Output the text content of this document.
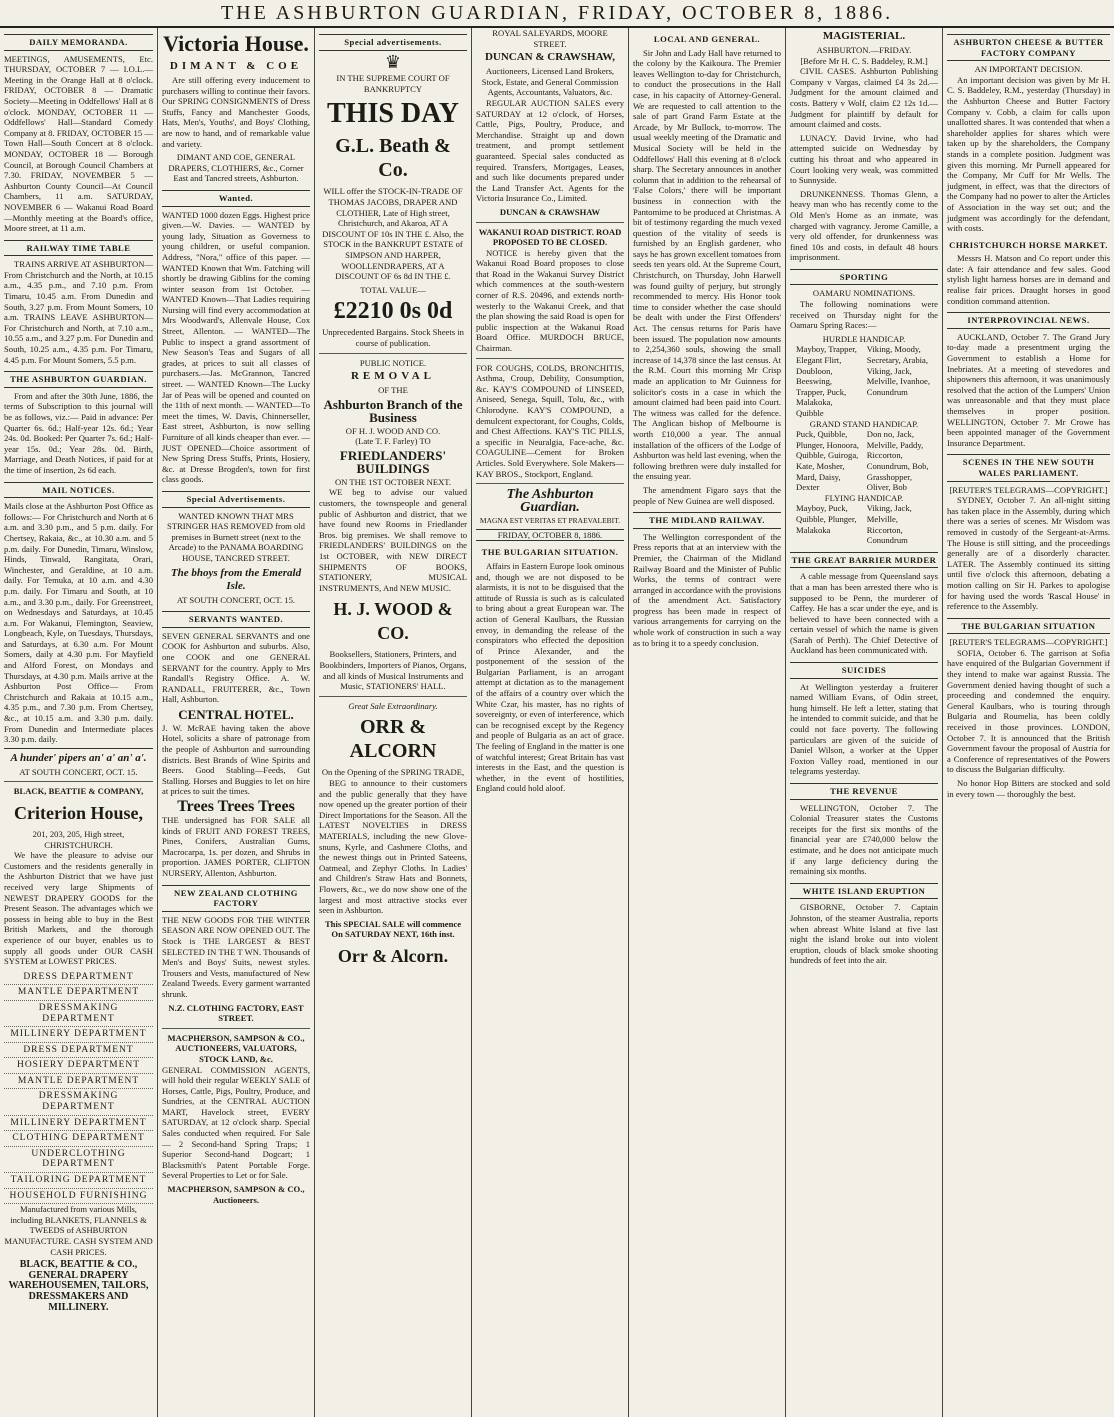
THE ASHBURTON GUARDIAN, FRIDAY, OCTOBER 8, 1886.
DAILY MEMORANDA.

MEETINGS, AMUSEMENTS, Etc. THURSDAY, OCTOBER 7 — I.O.L.—Meeting in the Orange Hall at 8 o'clock. FRIDAY, OCTOBER 8 — Dramatic Society—Meeting in Oddfellows' Hall at 8 o'clock. MONDAY, OCTOBER 11 — Oddfellows' Hall—Standard Comedy Company at 8. FRIDAY, OCTOBER 15 — Town Hall—South Concert at 8 o'clock. MONDAY, OCTOBER 18 — Borough Council, at Borough Council Chambers at 7.30. FRIDAY, NOVEMBER 5 — Ashburton County Council—At Council Chambers, 11 a.m. SATURDAY, NOVEMBER 6 — Wakanui Road Board—Monthly meeting at the Board's office, Moore street, at 11 a.m.

RAILWAY TIME TABLE

TRAINS ARRIVE AT ASHBURTON—From Christchurch and the North, at 10.15 a.m., 4.35 p.m., and 7.10 p.m. From Timaru, 10.45 a.m. From Dunedin and South, 3.27 p.m. From Mount Somers, 10 a.m. TRAINS LEAVE ASHBURTON—For Christchurch and North, at 7.10 a.m., 10.55 a.m., and 3.27 p.m. For Dunedin and South, 10.25 a.m., 4.35 p.m. For Timaru, 4.45 p.m. For Mount Somers, 5.5 p.m.

THE ASHBURTON GUARDIAN.

From and after the 30th June, 1886, the terms of Subscription to this journal will be as follows, viz.:— Paid in advance: Per Quarter 6s. 6d.; Half-year 12s. 6d.; Year 24s. 0d. Booked: Per Quarter 7s. 6d.; Half-year 15s. 0d.; Year 28s. 0d. Birth, Marriage, and Death Notices, if paid for at the time of insertion, 2s 6d each.

MAIL NOTICES.

Mails close at the Ashburton Post Office as follows:— For Christchurch and North at 6 a.m. and 3.30 p.m., and 5 p.m. daily. For Chertsey, Rakaia, &c., at 10.30 a.m. and 5 p.m. daily. For Dunedin, Timaru, Winslow, Hinds, Tinwald, Rangitata, Orari, Winchester, and Geraldine, at 10 a.m. daily. For Temuka, at 10 a.m. and 4.30 p.m. daily. For Timaru and South, at 10 a.m., and 3.30 p.m., daily. For Greenstreet, on Wednesdays and Saturdays, at 10.45 a.m. For Wakanui, Flemington, Seaview, Longbeach, Kyle, on Tuesdays, Thursdays, and Saturdays, at 6.30 a.m. For Mount Somers, daily at 4.30 p.m. For Mayfield and Alford Forest, on Mondays and Thursdays, at 4.30 p.m. Mails arrive at the Ashburton Post Office— From Christchurch and Rakaia at 10.15 a.m., 4.35 p.m., and 7.30 p.m. From Chertsey, &c., at 10.15 a.m. and 3.30 p.m. daily. From Dunedin and Intermediate places 3.30 p.m. daily.

A hunder' pipers an' a' an' a'.
AT SOUTH CONCERT, OCT. 15.
BLACK, BEATTIE & COMPANY,
Criterion House,
201, 203, 205, High street, CHRISTCHURCH.

We have the pleasure to advise our Customers and the residents generally in the Ashburton District that we have just received very large Shipments of NEWEST DRAPERY GOODS for the Present Season. The advantages which we possess in being able to buy in the Best British Markets, and the thorough experience of our buyer, enables us to supply all goods under OUR CASH SYSTEM at LOWEST PRICES.

DRESS DEPARTMENT
MANTLE DEPARTMENT
DRESSMAKING DEPARTMENT
MILLINERY DEPARTMENT
DRESS DEPARTMENT
HOSIERY DEPARTMENT
MANTLE DEPARTMENT
DRESSMAKING DEPARTMENT
MILLINERY DEPARTMENT
CLOTHING DEPARTMENT
UNDERCLOTHING DEPARTMENT
TAILORING DEPARTMENT
HOUSEHOLD FURNISHING

Manufactured from various Mills, including BLANKETS, FLANNELS & TWEEDS of ASHBURTON MANUFACTURE. CASH SYSTEM AND CASH PRICES.

BLACK, BEATTIE & CO., GENERAL DRAPERY WAREHOUSEMEN, TAILORS, DRESSMAKERS AND MILLINERY.
Victoria House.
DIMANT & COE

Are still offering every inducement to purchasers willing to continue their favors. Our SPRING CONSIGNMENTS of Dress Stuffs, Fancy and Manchester Goods, Hats, Men's, Youths', and Boys' Clothing, are now to hand, and of remarkable value and variety.

DIMANT AND COE, GENERAL DRAPERS, CLOTHIERS, &c., Corner East and Tancred streets, Ashburton.

Wanted.

WANTED 1000 dozen Eggs. Highest price given.—W. Davies. — WANTED by young lady, Situation as Governess to young children, or useful companion. Address, "Nora," office of this paper. — WANTED Known that Wm. Fatching will shortly be drawing Giblins for the coming winter season from 1st October. — WANTED Known—That Ladies requiring Nursing will find every accommodation at Mrs Woodward's, Allenvale House, Cox Street, Allenton. — WANTED—The Public to inspect a grand assortment of New Season's Teas and Sugars of all grades, at prices to suit all classes of purchasers.—Jas. McGrannon, Tancred street. — WANTED Known—The Lucky Jar of Peas will be opened and counted on the 11th of next month. — WANTED—To meet the times, W. Davis, Chinnerseller, East street, Ashburton, is now selling Furniture of all kinds cheaper than ever. — JUST OPENED—Choice assortment of New Spring Dress Stuffs, Prints, Hosiery, &c. at Dresse Brogden's, town for first class goods.

Special Advertisements.

WANTED KNOWN THAT MRS STRINGER HAS REMOVED from old premises in Burnett street (next to the Arcade) to the PANAMA BOARDING HOUSE, TANCRED STREET.

The bhoys from the Emerald Isle.
AT SOUTH CONCERT, OCT. 15.
SERVANTS WANTED.

SEVEN GENERAL SERVANTS and one COOK for Ashburton and suburbs. Also, one COOK and one GENERAL SERVANT for the country. Apply to Mrs Randall's Registry Office. A. W. RANDALL, FRUITERER, &c., Town Hall, Ashburton.

CENTRAL HOTEL.

J. W. McRAE having taken the above Hotel, solicits a share of patronage from the people of Ashburton and surrounding districts. Best Brands of Wine Spirits and Beers. Good Stabling—Feeds, Gut Stalling. Horses and Buggies to let on hire at prices to suit the times.

Trees Trees Trees

THE undersigned has FOR SALE all kinds of FRUIT AND FOREST TREES, Pines, Conifers, Australian Gums, Macrocarpa, 1s. per dozen, and Shrubs in proportion. JAMES PORTER, CLIFTON NURSERY, Allenton, Ashburton.

NEW ZEALAND CLOTHING FACTORY

THE NEW GOODS FOR THE WINTER SEASON ARE NOW OPENED OUT. The Stock is THE LARGEST & BEST SELECTED IN THE T WN. Thousands of Men's and Boys' Suits, newest styles. Trousers and Vests, manufactured of New Zealand Tweeds. Every garment warranted shrunk.

N.Z. CLOTHING FACTORY, EAST STREET.
MACPHERSON, SAMPSON & CO., AUCTIONEERS, VALUATORS, STOCK LAND, &c.

GENERAL COMMISSION AGENTS, will hold their regular WEEKLY SALE of Horses, Cattle, Pigs, Poultry, Produce, and Sundries, at the CENTRAL AUCTION MART, Havelock street, EVERY SATURDAY, at 12 o'clock sharp. Special Sales conducted when required. For Sale — 2 Second-hand Spring Traps; 1 Superior Second-hand Dogcart; 1 Blacksmith's Patent Portable Forge. Several Properties to Let or for Sale.

MACPHERSON, SAMPSON & CO., Auctioneers.
Special advertisements.
♛
IN THE SUPREME COURT OF BANKRUPTCY
THIS DAY
G.L. Beath & Co.

WILL offer the STOCK-IN-TRADE OF THOMAS JACOBS, DRAPER AND CLOTHIER, Late of High street, Christchurch, and Akaroa, AT A DISCOUNT OF 10s IN THE £. Also, the STOCK in the BANKRUPT ESTATE of SIMPSON AND HARPER, WOOLLENDRAPERS, AT A DISCOUNT OF 6s 8d IN THE £.

TOTAL VALUE—
£2210 0s 0d

Unprecedented Bargains. Stock Sheets in course of publication.

PUBLIC NOTICE.
REMOVAL
OF THE
Ashburton Branch of the Business
OF H. J. WOOD AND CO.
(Late T. F. Farley) TO
FRIEDLANDERS' BUILDINGS
ON THE 1ST OCTOBER NEXT.

WE beg to advise our valued customers, the townspeople and general public of Ashburton and district, that we have found new Rooms in Friedlander Bros. big premises. We shall remove to FRIEDLANDERS' BUILDINGS on the 1st OCTOBER, with NEW DIRECT SHIPMENTS OF BOOKS, STATIONERY, MUSICAL INSTRUMENTS, And NEW MUSIC.

H. J. WOOD & CO.

Booksellers, Stationers, Printers, and Bookbinders, Importers of Pianos, Organs, and all kinds of Musical Instruments and Music, STATIONERS' HALL.

Great Sale Extraordinary.
ORR & ALCORN
On the Opening of the SPRING TRADE,

BEG to announce to their customers and the public generally that they have now opened up the greater portion of their Direct Importations for the Season. All the LATEST NOVELTIES in DRESS MATERIALS, including the new Glove-snuns, Kyrle, and Cashmere Cloths, and the newest things out in Printed Sateens, Oatmeal, and Zephyr Cloths. In Ladies' and Children's Straw Hats and Bonnets, Flowers, &c., we do now show one of the largest and most attractive stocks ever seen in Ashburton.

This SPECIAL SALE will commence On SATURDAY NEXT, 16th inst.

Orr & Alcorn.
ROYAL SALEYARDS, MOORE STREET.
DUNCAN & CRAWSHAW,
Auctioneers, Licensed Land Brokers, Stock, Estate, and General Commission Agents, Accountants, Valuators, &c.

REGULAR AUCTION SALES every SATURDAY at 12 o'clock, of Horses, Cattle, Pigs, Poultry, Produce, and Merchandise. Straight up and down treatment, and prompt settlement guaranteed. Special sales conducted as required. Transfers, Mortgages, Leases, and such like documents prepared under the Land Transfer Act. Agents for the Victoria Insurance Co., Limited.

DUNCAN & CRAWSHAW
WAKANUI ROAD DISTRICT. ROAD PROPOSED TO BE CLOSED.

NOTICE is hereby given that the Wakanui Road Board proposes to close that Road in the Wakanui Survey District which commences at the south-western corner of R.S. 20496, and extends north-westerly to the Wakanui Creek, and that the plan showing the said Road is open for public inspection at the Wakanui Road Board Office. MURDOCH BRUCE, Chairman.

FOR COUGHS, COLDS, BRONCHITIS, Asthma, Croup, Debility, Consumption, &c. KAY'S COMPOUND of LINSEED, Aniseed, Senega, Squill, Tolu, &c., with Chlorodyne. KAY'S COMPOUND, a demulcent expectorant, for Coughs, Colds, and Chest Affections. KAY'S TIC PILLS, a specific in Neuralgia, Face-ache, &c. COAGULINE—Cement for Broken Articles. Sold Everywhere. Sole Makers—KAY BROS., Stockport, England.

The Ashburton Guardian.
MAGNA EST VERITAS ET PRAEVALEBIT.
FRIDAY, OCTOBER 8, 1886.
THE BULGARIAN SITUATION.

Affairs in Eastern Europe look ominous and, though we are not disposed to be alarmists, it is not to be disguised that the attitude of Russia is such as is calculated to bring about a great European war. The action of General Kaulbars, the Russian envoy, in demanding the release of the conspirators who effected the deposition of Prince Alexander, and the postponement of the session of the Bulgarian Parliament, is an arrogant attempt at dictation as to the management of the affairs of a country over which the White Czar, his master, has no rights of sovereignty, or even of interference, which can be recognised except by the Regency and people of Bulgaria as an act of grace. The feeling of England in the matter is one of watchful interest; Great Britain has vast interests in the East, and the question is whether, in the event of hostilities, England could hold aloof.

LOCAL AND GENERAL.

Sir John and Lady Hall have returned to the colony by the Kaikoura. The Premier leaves Wellington to-day for Christchurch, to conduct the prosecutions in the Hall case, in his capacity of Attorney-General. We are requested to call attention to the sale of part Grand Farm Estate at the Arcade, by Mr Bullock, to-morrow. The usual weekly meeting of the Dramatic and Musical Society will be held in the Oddfellows' Hall this evening at 8 o'clock sharp. The Secretary announces in another column that in addition to the rehearsal of 'False Colors,' there will be important business in connection with the Pantomime to be produced at Christmas. A bit of testimony regarding the much vexed question of the vitality of seeds is furnished by an English gardener, who says he has grown excellent tomatoes from seeds ten years old. At the Supreme Court, Christchurch, on Thursday, John Harwell was found guilty of perjury, but strongly recommended to mercy. His Honor took time to consider whether the case should be dealt with under the First Offenders' Act. The census returns for Paris have been issued. The population now amounts to 2,254,360 souls, showing the small increase of 14,378 since the last census. At the R.M. Court this morning Mr Crisp made an application to Mr Guinness for solicitor's costs in a case in which the amount claimed had been paid into Court. The witness was called for the defence. The Anglican bishop of Melbourne is worth £10,000 a year. The annual installation of the officers of the Lodge of Ashburton was held last evening, when the following brethren were duly installed for the ensuing year.

The amendment Figaro says that the people of New Guinea are well disposed.

THE MIDLAND RAILWAY.

The Wellington correspondent of the Press reports that at an interview with the Premier, the Chairman of the Midland Railway Board and the Minister of Public Works, the terms of contract were arranged in accordance with the provisions of the amendment Act. Satisfactory progress has been made in respect of various arrangements for carrying on the whole work of construction in such a way as to bring it to a speedy conclusion.

MAGISTERIAL.
ASHBURTON.—FRIDAY.
[Before Mr H. C. S. Baddeley, R.M.]

CIVIL CASES. Ashburton Publishing Company v Vargas, claimed £4 3s 2d.—Judgment for the amount claimed and costs. Battery v Wolf, claim £2 12s 1d.—Judgment for plaintiff by default for amount claimed and costs.

LUNACY. David Irvine, who had attempted suicide on Wednesday by cutting his throat and who appeared in Court looking very weak, was committed to Sunnyside.

DRUNKENNESS. Thomas Glenn, a heavy man who has recently come to the Old Men's Home as an inmate, was charged with vagrancy. Jerome Camille, a very old offender, for drunkenness was fined 10s and costs, in default 48 hours imprisonment.

SPORTING
OAMARU NOMINATIONS.

The following nominations were received on Thursday night for the Oamaru Spring Races:—

HURDLE HANDICAP.
Mayboy, Trapper, Elegant Flirt, Doubloon, Beeswing, Trapper, Puck, Malakoka, Quibble
Viking, Moody, Secretary, Arabia, Viking, Jack, Melville, Ivanhoe, Conundrum
GRAND STAND HANDICAP.
Puck, Quibble, Plunger, Honoora, Quibble, Guiroga, Kate, Mosher, Mard, Daisy, Dexter
Don no, Jack, Melville, Paddy, Riccorton, Conundrum, Bob, Grasshopper, Oliver, Bob
FLYING HANDICAP.
Mayboy, Puck, Quibble, Plunger, Malakoka
Viking, Jack, Melville, Riccorton, Conundrum
THE GREAT BARRIER MURDER

A cable message from Queensland says that a man has been arrested there who is supposed to be Penn, the murderer of Caffey. He has a scar under the eye, and is believed to have been connected with a certain vessel of which the name is given (Sarah of Perth). The Chief Detective of Auckland has been communicated with.

SUICIDES

At Wellington yesterday a fruiterer named William Evans, of Odin street, hung himself. He left a letter, stating that he intended to commit suicide, and that he could not face poverty. The following particulars are given of the suicide of Daniel Wilson, a worker at the Upper Foxton Valley road, mentioned in our telegrams yesterday.

THE REVENUE

WELLINGTON, October 7. The Colonial Treasurer states the Customs receipts for the first six months of the financial year are £740,000 below the estimate, and he does not anticipate much if any large deficiency during the remaining six months.

WHITE ISLAND ERUPTION

GISBORNE, October 7. Captain Johnston, of the steamer Australia, reports when abreast White Island at five last night the island broke out into violent eruption, clouds of black smoke shooting hundreds of feet into the air.

ASHBURTON CHEESE & BUTTER FACTORY COMPANY
AN IMPORTANT DECISION.

An important decision was given by Mr H. C. S. Baddeley, R.M., yesterday (Thursday) in the Ashburton Cheese and Butter Factory Company v. Cobb, a claim for calls upon unallotted shares. It was contended that when a shareholder applies for shares which were taken up by the shareholders, the Company stands in a complete position. Judgment was given this morning. Mr Purnell appeared for the Company, Mr Cuff for Mr Wells. The judgment, in effect, was that the directors of the Company had no power to alter the Articles of Association in the way set out; and the judgment was accordingly for the defendant, with costs.

CHRISTCHURCH HORSE MARKET.

Messrs H. Matson and Co report under this date: A fair attendance and few sales. Good stylish light harness horses are in demand and realise fair prices. Draught horses in good condition command attention.

INTERPROVINCIAL NEWS.

AUCKLAND, October 7. The Grand Jury to-day made a presentment urging the Government to establish a Home for Inebriates. At a meeting of stevedores and shipowners this afternoon, it was unanimously resolved that the action of the Lumpers' Union was unreasonable and that they must place themselves in proper position. WELLINGTON, October 7. Mr Crowe has been appointed manager of the Government Insurance Department.

SCENES IN THE NEW SOUTH WALES PARLIAMENT.
[REUTER'S TELEGRAMS—COPYRIGHT.]

SYDNEY, October 7. An all-night sitting has taken place in the Assembly, during which there was a series of scenes. Mr Wisdom was removed in custody of the Sergeant-at-Arms. The House is still sitting, and the proceedings generally are of a disorderly character. LATER. The Assembly continued its sitting until five o'clock this afternoon, debating a motion calling on Sir H. Parkes to apologise for having used the words 'Rascal House' in reference to the Assembly.

THE BULGARIAN SITUATION
[REUTER'S TELEGRAMS—COPYRIGHT.]

SOFIA, October 6. The garrison at Sofia have enquired of the Bulgarian Government if they intend to make war against Russia. The Government denied having thought of such a proceeding and condemned the enquiry. General Kaulbars, who is touring through Bulgaria and Roumelia, has been coldly received in those provinces. LONDON, October 7. It is announced that the British Government favour the proposal of Austria for a Conference of representatives of the Powers to discuss the Bulgarian difficulty.

No honor Hop Bitters are stocked and sold in every town — thoroughly the best.
